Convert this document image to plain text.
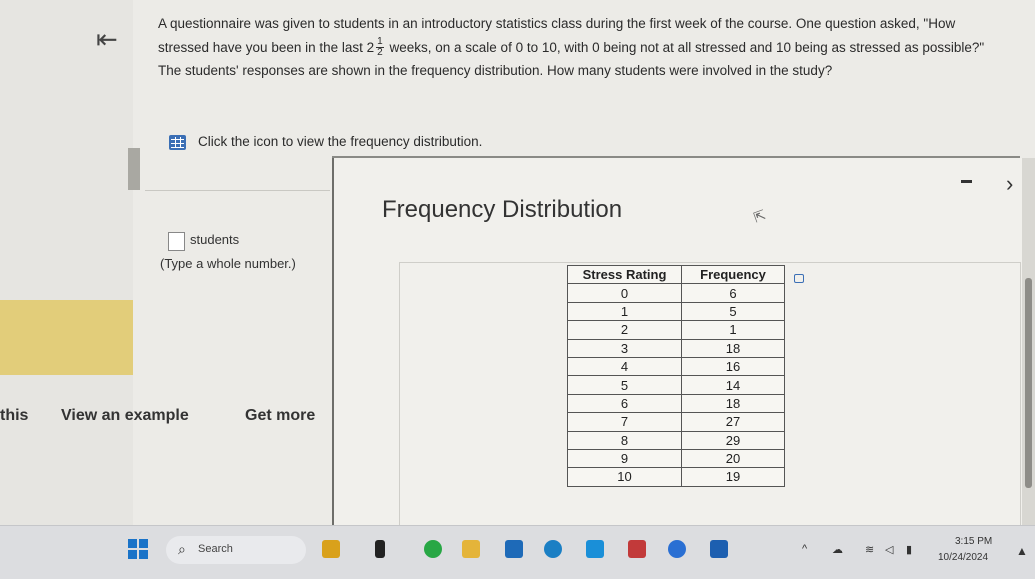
⇤
A questionnaire was given to students in an introductory statistics class during the first week of the course. One question asked, "How stressed have you been in the last $2 \frac{1}{2}$ weeks, on a scale of 0 to 10, with 0 being not at all stressed and 10 being as stressed as possible?" The students' responses are shown in the frequency distribution. How many students were involved in the study?
Click the icon to view the frequency distribution.
students
(Type a whole number.)
this View an example	Get more
Frequency Distribution
›
⇱
Stress Rating	Frequency
0	6
1	5
2	1
3	18
4	16
5	14
6	18
7	27
8	29
9	20
10	19
⌕ Search	^ ☁ ≋ ◁ ▮
3:15 PM
10/24/2024 ▲
